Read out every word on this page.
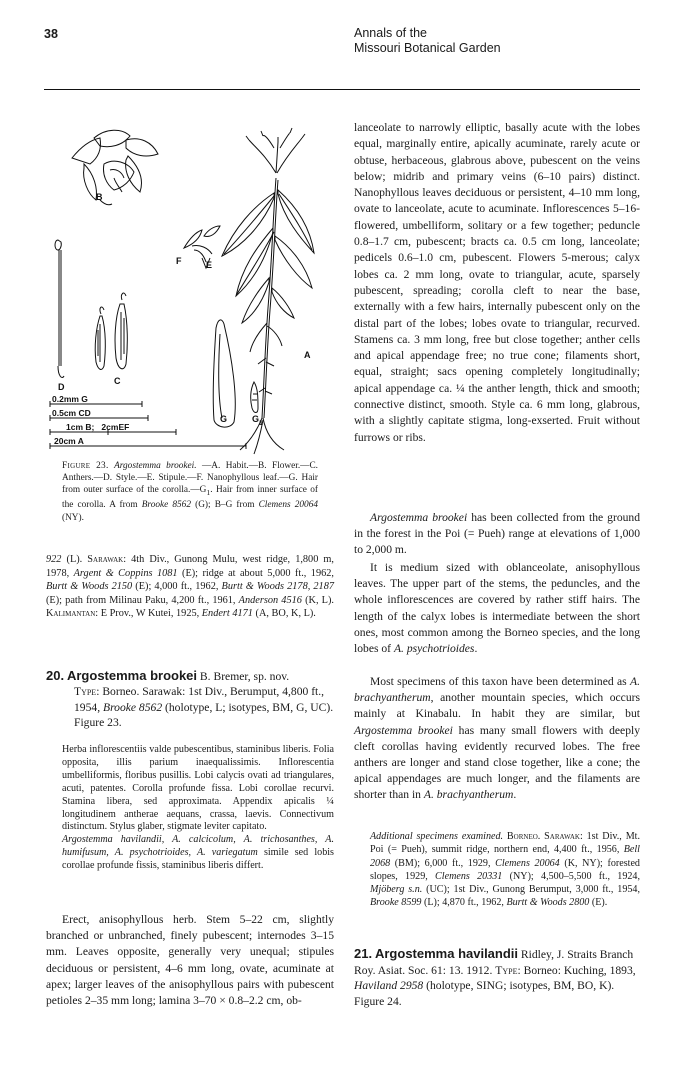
38	Annals of the
Missouri Botanical Garden
B
D
C
F	E
A
G	$G_1$
0.2mm G
0.5cm CD
1cm B;   2cmEF
20cm A
Figure 23. Argostemma brookei. —A. Habit.—B. Flower.—C. Anthers.—D. Style.—E. Stipule.—F. Nanophyllous leaf.—G. Hair from outer surface of the $corolla.—G_1$. Hair from inner surface of the corolla. A from Brooke 8562 (G); B–G from Clemens 20064 (NY).
922 (L). Sarawak: 4th Div., Gunong Mulu, west ridge, 1,800 m, 1978, Argent & Coppins 1081 (E); ridge at about 5,000 ft., 1962, Burtt & Woods 2150 (E); 4,000 ft., 1962, Burtt & Woods 2178, 2187 (E); path from Milinau Paku, 4,200 ft., 1961, Anderson 4516 (K, L). Kalimantan: E Prov., W Kutei, 1925, Endert 4171 (A, BO, K, L).
20. Argostemma brookei B. Bremer, sp. nov.
Type: Borneo. Sarawak: 1st Div., Berumput, 4,800 ft., 1954, Brooke 8562 (holotype, L; isotypes, BM, G, UC). Figure 23.
Herba inflorescentiis valde pubescentibus, staminibus liberis. Folia opposita, illis parium inaequalissimis. Inflorescentia umbelliformis, floribus pusillis. Lobi calycis ovati ad triangulares, acuti, patentes. Corolla profunde fissa. Lobi corollae recurvi. Stamina libera, sed approximata. Appendix apicalis ¼ longitudinem antherae aequans, crassa, laevis. Connectivum distinctum. Stylus glaber, stigmate leviter capitato.
Argostemma havilandii, A. calcicolum, A. trichosanthes, A. humifusum, A. psychotrioides, A. variegatum simile sed lobis corollae profunde fissis, staminibus liberis differt.
Erect, anisophyllous herb. Stem 5–22 cm, slightly branched or unbranched, finely pubescent; internodes 3–15 mm. Leaves opposite, generally very unequal; stipules deciduous or persistent, 4–6 mm long, ovate, acuminate at apex; larger leaves of the anisophyllous pairs with pubescent petioles 2–35 mm long; lamina 3–70 × 0.8–2.2 cm, ob-
lanceolate to narrowly elliptic, basally acute with the lobes equal, marginally entire, apically acuminate, rarely acute or obtuse, herbaceous, glabrous above, pubescent on the veins below; midrib and primary veins (6–10 pairs) distinct. Nanophyllous leaves deciduous or persistent, 4–10 mm long, ovate to lanceolate, acute to acuminate. Inflorescences 5–16-flowered, umbelliform, solitary or a few together; peduncle 0.8–1.7 cm, pubescent; bracts ca. 0.5 cm long, lanceolate; pedicels 0.6–1.0 cm, pubescent. Flowers 5-merous; calyx lobes ca. 2 mm long, ovate to triangular, acute, sparsely pubescent, spreading; corolla cleft to near the base, externally with a few hairs, internally pubescent only on the distal part of the lobes; lobes ovate to triangular, recurved. Stamens ca. 3 mm long, free but close together; anther cells and apical appendage free; no true cone; filaments short, equal, straight; sacs opening completely longitudinally; apical appendage ca. ¼ the anther length, thick and smooth; connective distinct, smooth. Style ca. 6 mm long, glabrous, with a slightly capitate stigma, long-exserted. Fruit without furrows or ribs.
Argostemma brookei has been collected from the ground in the forest in the Poi (= Pueh) range at elevations of 1,000 to 2,000 m.
It is medium sized with oblanceolate, anisophyllous leaves. The upper part of the stems, the peduncles, and the whole inflorescences are covered by rather stiff hairs. The length of the calyx lobes is intermediate between the short ones, most common among the Borneo species, and the long lobes of A. psychotrioides.
Most specimens of this taxon have been determined as A. brachyantherum, another mountain species, which occurs mainly at Kinabalu. In habit they are similar, but Argostemma brookei has many small flowers with deeply cleft corollas having evidently recurved lobes. The free anthers are longer and stand close together, like a cone; the apical appendages are much longer, and the filaments are shorter than in A. brachyantherum.
Additional specimens examined. Borneo. Sarawak: 1st Div., Mt. Poi (= Pueh), summit ridge, northern end, 4,400 ft., 1956, Bell 2068 (BM); 6,000 ft., 1929, Clemens 20064 (K, NY); forested slopes, 1929, Clemens 20331 (NY); 4,500–5,500 ft., 1924, Mjöberg s.n. (UC); 1st Div., Gunong Berumput, 3,000 ft., 1954, Brooke 8599 (L); 4,870 ft., 1962, Burtt & Woods 2800 (E).
21. Argostemma havilandii Ridley, J. Straits Branch Roy. Asiat. Soc. 61: 13. 1912. Type: Borneo: Kuching, 1893, Haviland 2958 (holotype, SING; isotypes, BM, BO, K). Figure 24.
